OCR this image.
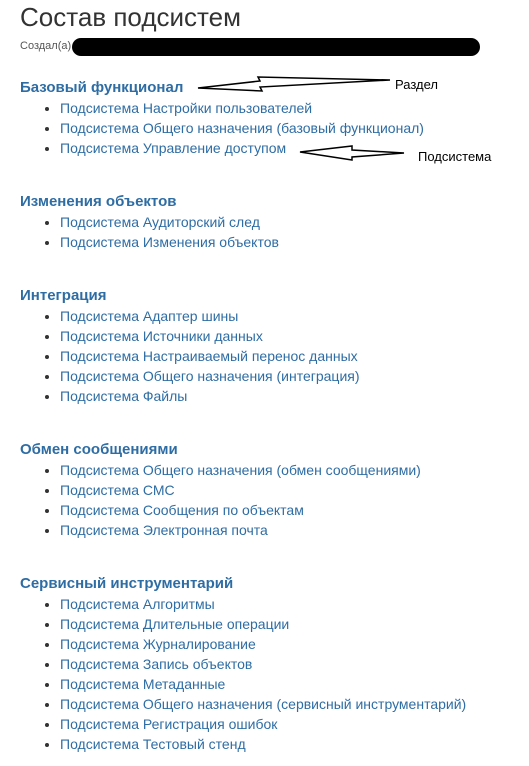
Состав подсистем
Создал(а)
Базовый функционал
• Подсистема Настройки пользователей
• Подсистема Общего назначения (базовый функционал)
• Подсистема Управление доступом
Изменения объектов
• Подсистема Аудиторский след
• Подсистема Изменения объектов
Интеграция
• Подсистема Адаптер шины
• Подсистема Источники данных
• Подсистема Настраиваемый перенос данных
• Подсистема Общего назначения (интеграция)
• Подсистема Файлы
Обмен сообщениями
• Подсистема Общего назначения (обмен сообщениями)
• Подсистема СМС
• Подсистема Сообщения по объектам
• Подсистема Электронная почта
Сервисный инструментарий
• Подсистема Алгоритмы
• Подсистема Длительные операции
• Подсистема Журналирование
• Подсистема Запись объектов
• Подсистема Метаданные
• Подсистема Общего назначения (сервисный инструментарий)
• Подсистема Регистрация ошибок
• Подсистема Тестовый стенд
Раздел
Подсистема
